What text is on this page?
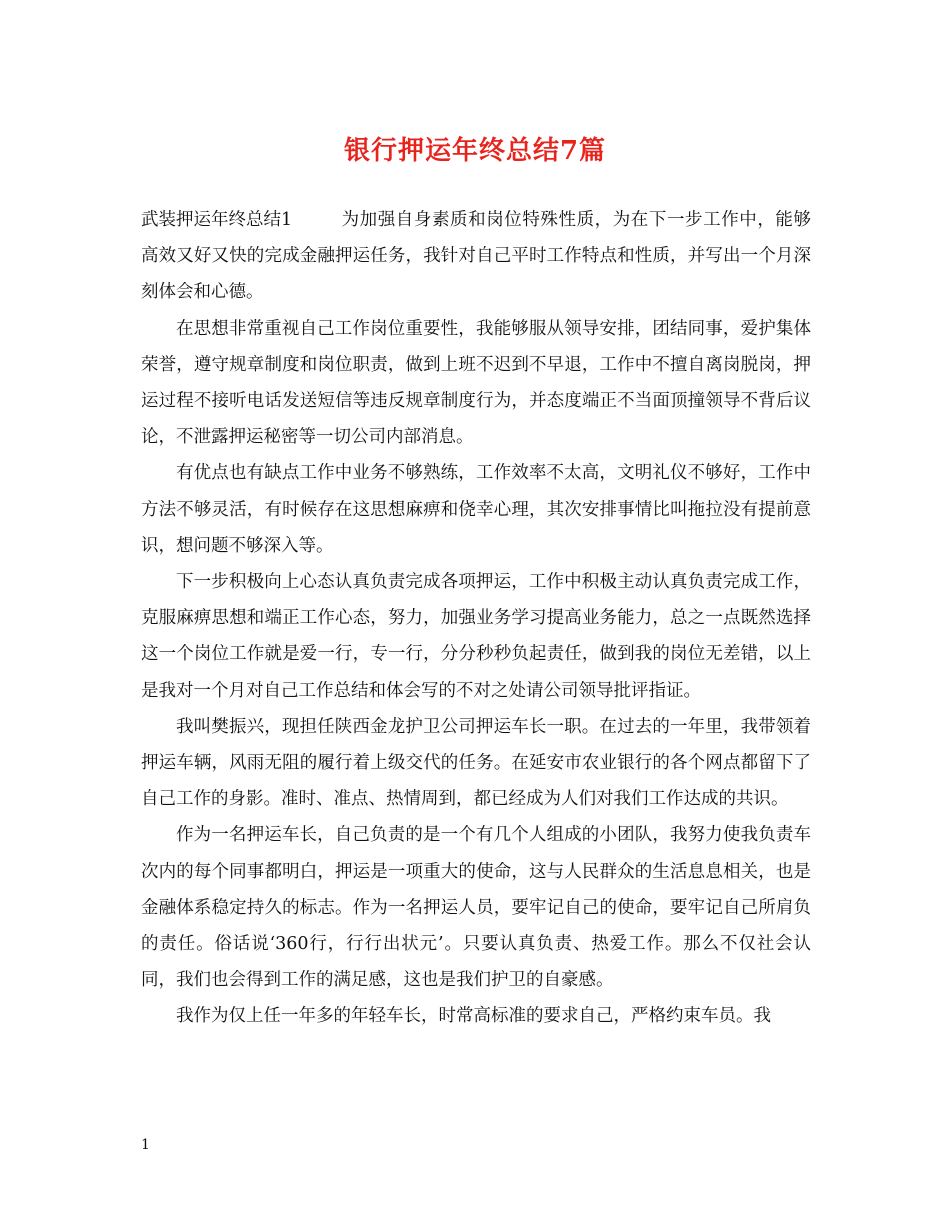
银行押运年终总结7篇

武装押运年终总结1	为加强自身素质和岗位特殊性质，为在下一步工作中，能够高效又好又快的完成金融押运任务，我针对自己平时工作特点和性质，并写出一个月深刻体会和心德。

在思想非常重视自己工作岗位重要性，我能够服从领导安排，团结同事，爱护集体荣誉，遵守规章制度和岗位职责，做到上班不迟到不早退，工作中不擅自离岗脱岗，押运过程不接听电话发送短信等违反规章制度行为，并态度端正不当面顶撞领导不背后议论，不泄露押运秘密等一切公司内部消息。

有优点也有缺点工作中业务不够熟练，工作效率不太高，文明礼仪不够好，工作中方法不够灵活，有时候存在这思想麻痹和侥幸心理，其次安排事情比叫拖拉没有提前意识，想问题不够深入等。

下一步积极向上心态认真负责完成各项押运，工作中积极主动认真负责完成工作，克服麻痹思想和端正工作心态，努力，加强业务学习提高业务能力，总之一点既然选择这一个岗位工作就是爱一行，专一行，分分秒秒负起责任，做到我的岗位无差错，以上是我对一个月对自己工作总结和体会写的不对之处请公司领导批评指证。

我叫樊振兴，现担任陕西金龙护卫公司押运车长一职。在过去的一年里，我带领着押运车辆，风雨无阻的履行着上级交代的任务。在延安市农业银行的各个网点都留下了自己工作的身影。准时、准点、热情周到，都已经成为人们对我们工作达成的共识。

作为一名押运车长，自己负责的是一个有几个人组成的小团队，我努力使我负责车次内的每个同事都明白，押运是一项重大的使命，这与人民群众的生活息息相关，也是金融体系稳定持久的标志。作为一名押运人员，要牢记自己的使命，要牢记自己所肩负的责任。俗话说‘360行，行行出状元’。只要认真负责、热爱工作。那么不仅社会认同，我们也会得到工作的满足感，这也是我们护卫的自豪感。

我作为仅上任一年多的年轻车长，时常高标准的要求自己，严格约束车员。我

1
